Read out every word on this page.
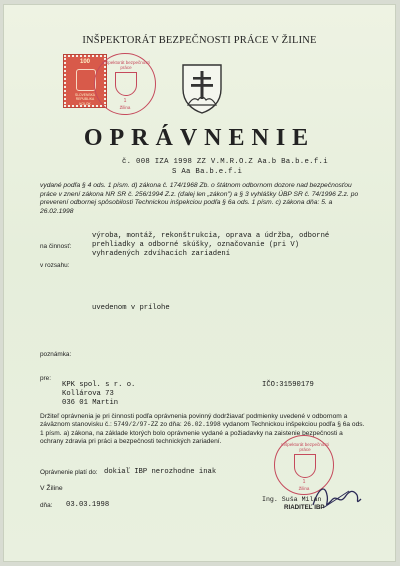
INŠPEKTORÁT BEZPEČNOSTI PRÁCE V ŽILINE
100
SLOVENSKÁ
REPUBLIKA
KOLOK
Inšpektorát bezpečnosti práce
1
Žilina
OPRÁVNENIE
č. 008 IZA 1998 ZZ V.M.R.O.Z Aa.b Ba.b.e.f.i
S Aa Ba.b.e.f.i
vydané podľa § 4 ods. 1 písm. d) zákona č. 174/1968 Zb. o štátnom odbornom dozore nad bezpečnosťou práce v znení zákona NR SR č. 256/1994 Z.z. (ďalej len „zákon") a § 3 vyhlášky ÚBP SR č. 74/1996 Z.z. po preverení odbornej spôsobilosti Technickou inšpekciou podľa § 6a ods. 1 písm. c) zákona dňa: 5. a 26.02.1998
na činnosť:
výroba, montáž, rekonštrukcia, oprava a údržba, odborné
prehliadky a odborné skúšky, označovanie (pri V)
vyhradených zdvíhacích zariadení
v rozsahu:
uvedenom v prílohe
poznámka:
pre:
KPK spol. s r. o.
Kollárova 73
036 01 Martin
IČO:31590179
Držiteľ oprávnenia je pri činnosti podľa oprávnenia povinný dodržiavať podmienky uvedené v odbornom a záväznom stanovisku č.: 5749/2/97-ZZ zo dňa: 26.02.1998 vydanom Technickou inšpekciou podľa § 6a ods. 1 písm. a) zákona, na základe ktorých bolo oprávnenie vydané a požiadavky na zaistenie bezpečnosti a ochrany zdravia pri práci a bezpečnosti technických zariadení.
Oprávnenie platí do: dokiaľ IBP nerozhodne inak
V Žiline
dňa: 03.03.1998
Inšpektorát bezpečnosti práce
1
Žilina
Ing. Suša Milan
RIADITEĽ IBP
